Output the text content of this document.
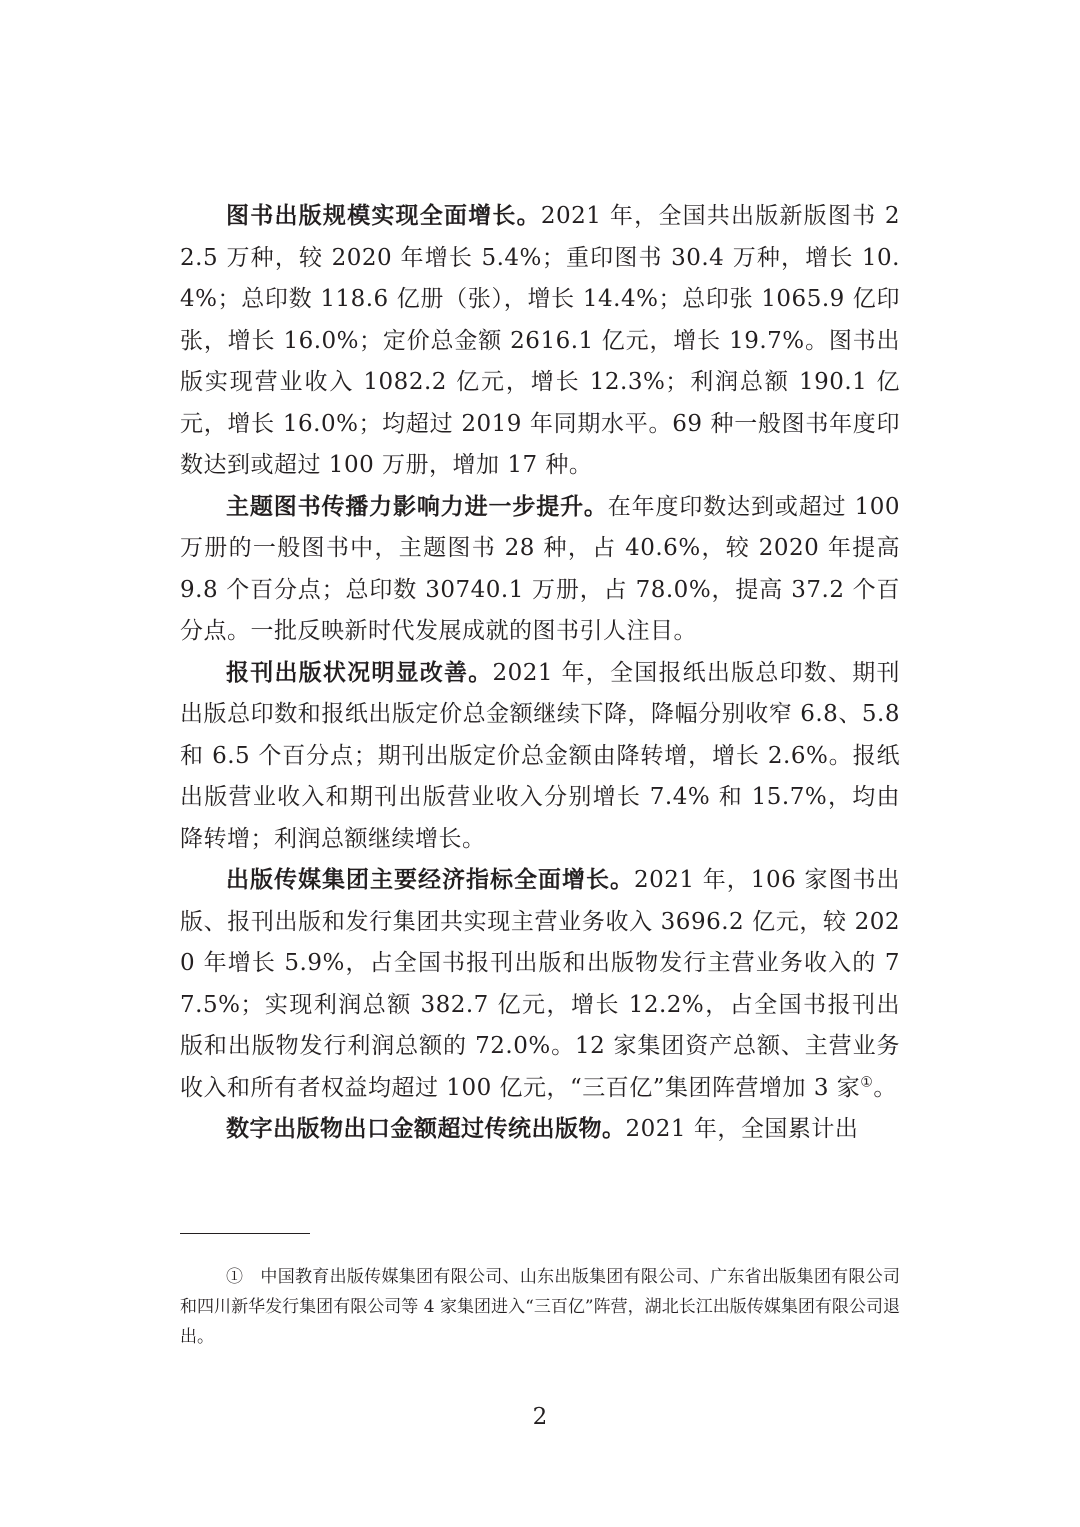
图书出版规模实现全面增长。2021 年，全国共出版新版图书 22.5 万种，较 2020 年增长 5.4%；重印图书 30.4 万种，增长 10.4%；总印数 118.6 亿册（张），增长 14.4%；总印张 1065.9 亿印张，增长 16.0%；定价总金额 2616.1 亿元，增长 19.7%。图书出版实现营业收入 1082.2 亿元，增长 12.3%；利润总额 190.1 亿元，增长 16.0%；均超过 2019 年同期水平。69 种一般图书年度印数达到或超过 100 万册，增加 17 种。

主题图书传播力影响力进一步提升。在年度印数达到或超过 100 万册的一般图书中，主题图书 28 种，占 40.6%，较 2020 年提高 9.8 个百分点；总印数 30740.1 万册，占 78.0%，提高 37.2 个百分点。一批反映新时代发展成就的图书引人注目。

报刊出版状况明显改善。2021 年，全国报纸出版总印数、期刊出版总印数和报纸出版定价总金额继续下降，降幅分别收窄 6.8、5.8 和 6.5 个百分点；期刊出版定价总金额由降转增，增长 2.6%。报纸出版营业收入和期刊出版营业收入分别增长 7.4% 和 15.7%，均由降转增；利润总额继续增长。

出版传媒集团主要经济指标全面增长。2021 年，106 家图书出版、报刊出版和发行集团共实现主营业务收入 3696.2 亿元，较 2020 年增长 5.9%，占全国书报刊出版和出版物发行主营业务收入的 77.5%；实现利润总额 382.7 亿元，增长 12.2%，占全国书报刊出版和出版物发行利润总额的 72.0%。12 家集团资产总额、主营业务收入和所有者权益均超过 100 亿元，“三百亿”集团阵营增加 3 家①。

数字出版物出口金额超过传统出版物。2021 年，全国累计出

① 中国教育出版传媒集团有限公司、山东出版集团有限公司、广东省出版集团有限公司和四川新华发行集团有限公司等 4 家集团进入“三百亿”阵营，湖北长江出版传媒集团有限公司退出。
2
